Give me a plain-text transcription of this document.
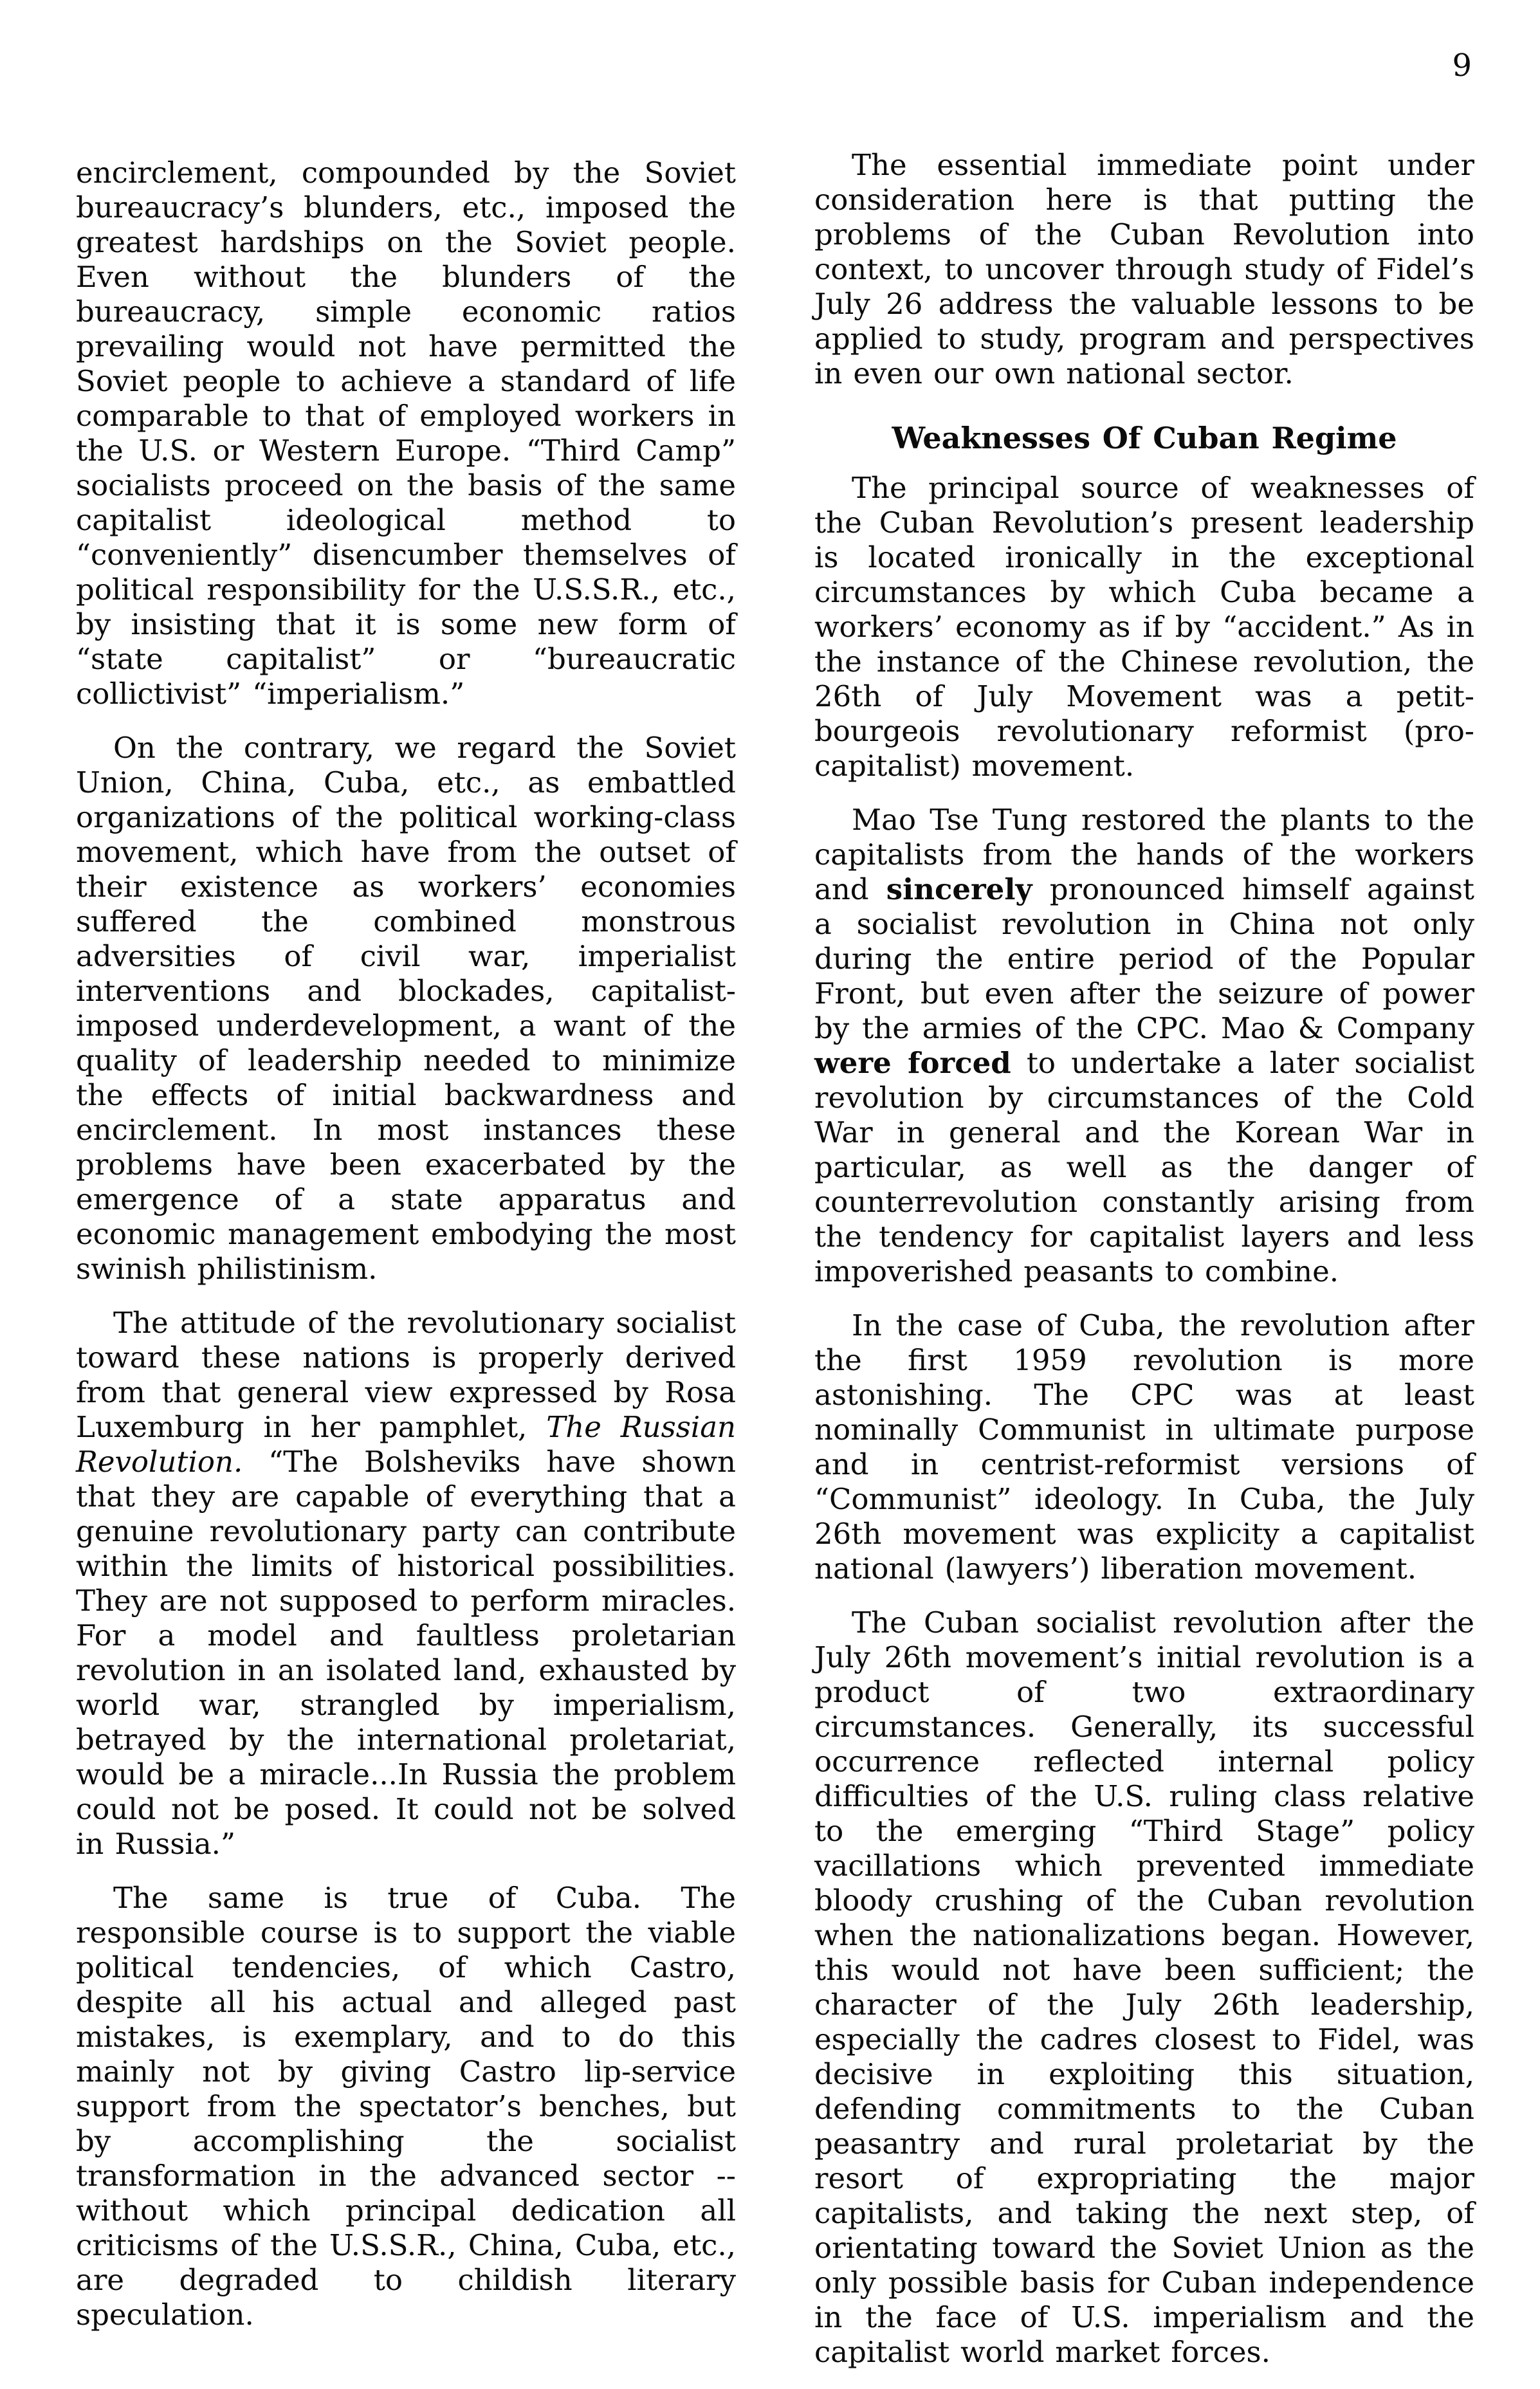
9

encirclement, compounded by the Soviet bureaucracy’s blunders, etc., imposed the greatest hardships on the Soviet people. Even without the blunders of the bureaucracy, simple economic ratios prevailing would not have permitted the Soviet people to achieve a standard of life comparable to that of employed workers in the U.S. or Western Europe. “Third Camp” socialists proceed on the basis of the same capitalist ideological method to “conveniently” disencumber themselves of political responsibility for the U.S.S.R., etc., by insisting that it is some new form of “state capitalist” or “bureaucratic collictivist” “imperialism.”

On the contrary, we regard the Soviet Union, China, Cuba, etc., as embattled organizations of the political working-class movement, which have from the outset of their existence as workers’ economies suffered the combined monstrous adversities of civil war, imperialist interventions and blockades, capitalist-imposed underdevelopment, a want of the quality of leadership needed to minimize the effects of initial backwardness and encirclement. In most instances these problems have been exacerbated by the emergence of a state apparatus and economic management embodying the most swinish philistinism.

The attitude of the revolutionary socialist toward these nations is properly derived from that general view expressed by Rosa Luxemburg in her pamphlet, The Russian Revolution. “The Bolsheviks have shown that they are capable of everything that a genuine revolutionary party can contribute within the limits of historical possibilities. They are not supposed to perform miracles. For a model and faultless proletarian revolution in an isolated land, exhausted by world war, strangled by imperialism, betrayed by the international proletariat, would be a miracle...In Russia the problem could not be posed. It could not be solved in Russia.”

The same is true of Cuba. The responsible course is to support the viable political tendencies, of which Castro, despite all his actual and alleged past mistakes, is exemplary, and to do this mainly not by giving Castro lip-service support from the spectator’s benches, but by accomplishing the socialist transformation in the advanced sector -- without which principal dedication all criticisms of the U.S.S.R., China, Cuba, etc., are degraded to childish literary speculation.

The essential immediate point under consideration here is that putting the problems of the Cuban Revolution into context, to uncover through study of Fidel’s July 26 address the valuable lessons to be applied to study, program and perspectives in even our own national sector.

Weaknesses Of Cuban Regime

The principal source of weaknesses of the Cuban Revolution’s present leadership is located ironically in the exceptional circumstances by which Cuba became a workers’ economy as if by “accident.” As in the instance of the Chinese revolution, the 26th of July Movement was a petit-bourgeois revolutionary reformist (pro-capitalist) movement.

Mao Tse Tung restored the plants to the capitalists from the hands of the workers and sincerely pronounced himself against a socialist revolution in China not only during the entire period of the Popular Front, but even after the seizure of power by the armies of the CPC. Mao & Company were forced to undertake a later socialist revolution by circumstances of the Cold War in general and the Korean War in particular, as well as the danger of counterrevolution constantly arising from the tendency for capitalist layers and less impoverished peasants to combine.

In the case of Cuba, the revolution after the first 1959 revolution is more astonishing. The CPC was at least nominally Communist in ultimate purpose and in centrist-reformist versions of “Communist” ideology. In Cuba, the July 26th movement was explicity a capitalist national (lawyers’) liberation movement.

The Cuban socialist revolution after the July 26th movement’s initial revolution is a product of two extraordinary circumstances. Generally, its successful occurrence reflected internal policy difficulties of the U.S. ruling class relative to the emerging “Third Stage” policy vacillations which prevented immediate bloody crushing of the Cuban revolution when the nationalizations began. However, this would not have been sufficient; the character of the July 26th leadership, especially the cadres closest to Fidel, was decisive in exploiting this situation, defending commitments to the Cuban peasantry and rural proletariat by the resort of expropriating the major capitalists, and taking the next step, of orientating toward the Soviet Union as the only possible basis for Cuban independence in the face of U.S. imperialism and the capitalist world market forces.
